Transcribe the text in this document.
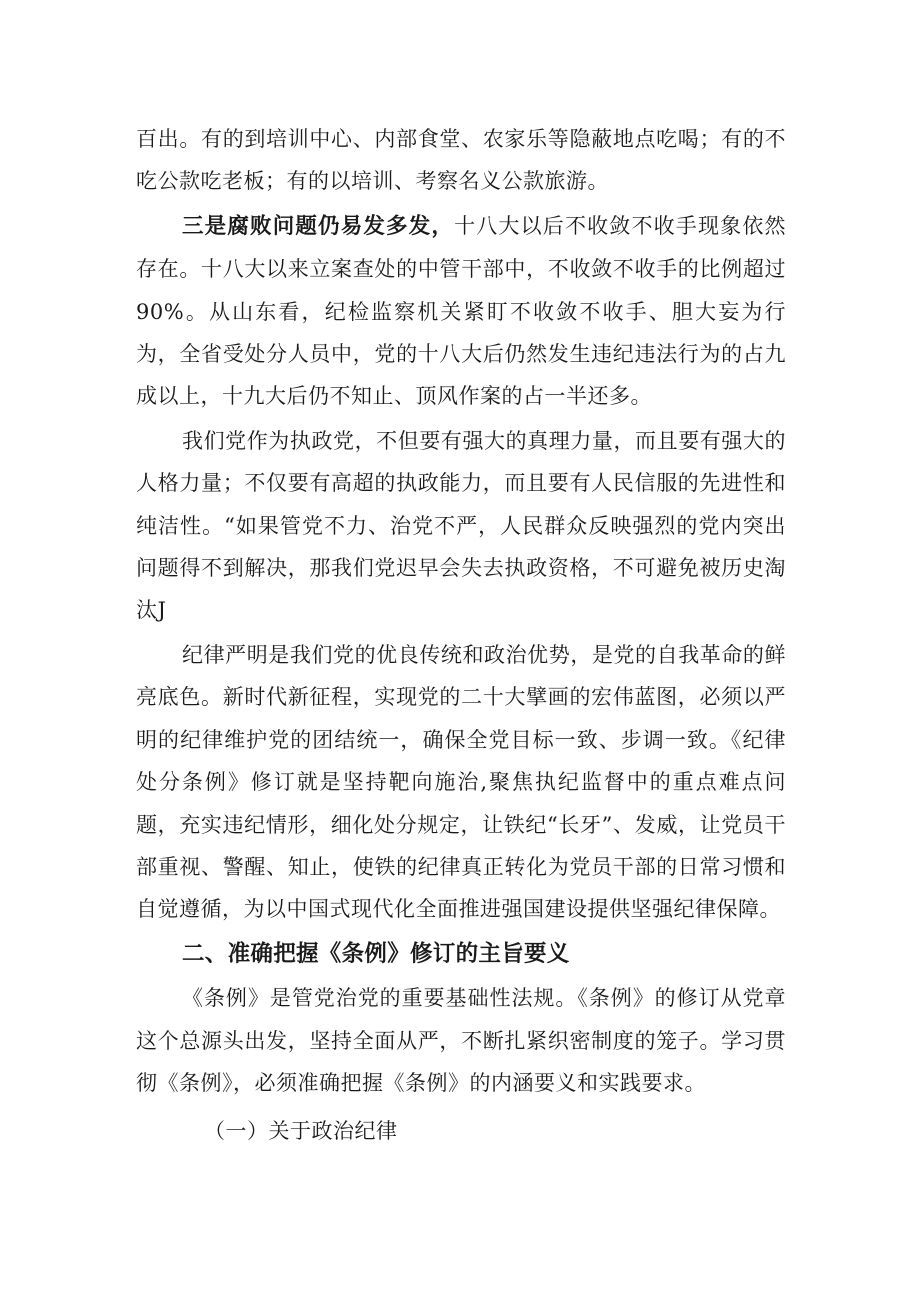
百出。有的到培训中心、内部食堂、农家乐等隐蔽地点吃喝；有的不吃公款吃老板；有的以培训、考察名义公款旅游。

三是腐败问题仍易发多发，十八大以后不收敛不收手现象依然存在。十八大以来立案查处的中管干部中，不收敛不收手的比例超过90%。从山东看，纪检监察机关紧盯不收敛不收手、胆大妄为行为，全省受处分人员中，党的十八大后仍然发生违纪违法行为的占九成以上，十九大后仍不知止、顶风作案的占一半还多。

我们党作为执政党，不但要有强大的真理力量，而且要有强大的人格力量；不仅要有高超的执政能力，而且要有人民信服的先进性和纯洁性。“如果管党不力、治党不严，人民群众反映强烈的党内突出问题得不到解决，那我们党迟早会失去执政资格，不可避免被历史淘汰J

纪律严明是我们党的优良传统和政治优势，是党的自我革命的鲜亮底色。新时代新征程，实现党的二十大擘画的宏伟蓝图，必须以严明的纪律维护党的团结统一，确保全党目标一致、步调一致。《纪律处分条例》修订就是坚持靶向施治,聚焦执纪监督中的重点难点问题，充实违纪情形，细化处分规定，让铁纪“长牙”、发威，让党员干部重视、警醒、知止，使铁的纪律真正转化为党员干部的日常习惯和自觉遵循，为以中国式现代化全面推进强国建设提供坚强纪律保障。

二、准确把握《条例》修订的主旨要义

《条例》是管党治党的重要基础性法规。《条例》的修订从党章这个总源头出发，坚持全面从严，不断扎紧织密制度的笼子。学习贯彻《条例》，必须准确把握《条例》的内涵要义和实践要求。

（一）关于政治纪律
